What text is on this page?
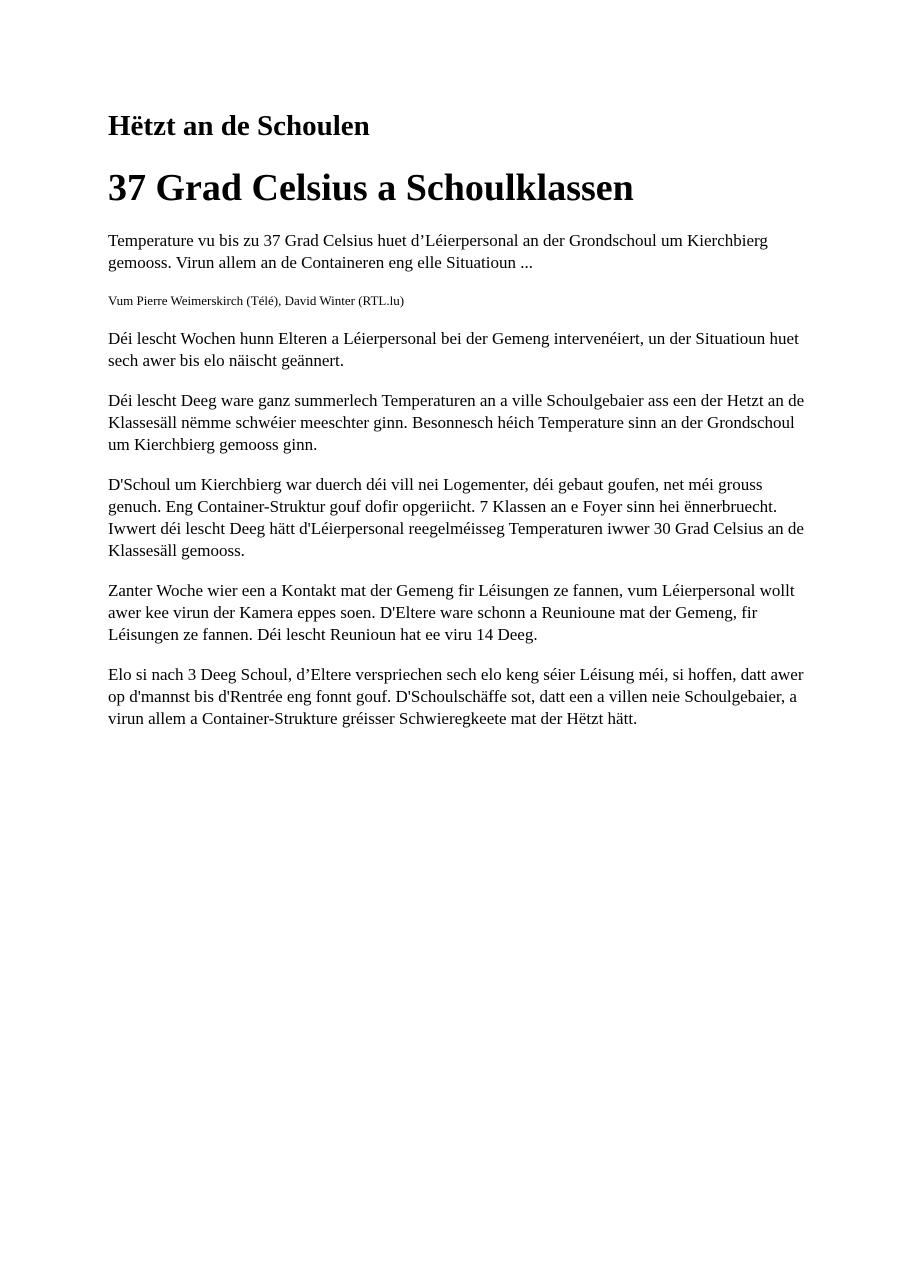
Hëtzt an de Schoulen
37 Grad Celsius a Schoulklassen

Temperature vu bis zu 37 Grad Celsius huet d’Léierpersonal an der Grondschoul um Kierchbierg gemooss. Virun allem an de Containeren eng elle Situatioun ...

Vum Pierre Weimerskirch (Télé), David Winter (RTL.lu)

Déi lescht Wochen hunn Elteren a Léierpersonal bei der Gemeng intervenéiert, un der Situatioun huet sech awer bis elo näischt geännert.

Déi lescht Deeg ware ganz summerlech Temperaturen an a ville Schoulgebaier ass een der Hetzt an de Klassesäll nëmme schwéier meeschter ginn. Besonnesch héich Temperature sinn an der Grondschoul um Kierchbierg gemooss ginn.

D'Schoul um Kierchbierg war duerch déi vill nei Logementer, déi gebaut goufen, net méi grouss genuch. Eng Container-Struktur gouf dofir opgeriicht. 7 Klassen an e Foyer sinn hei ënnerbruecht. Iwwert déi lescht Deeg hätt d'Léierpersonal reegelméisseg Temperaturen iwwer 30 Grad Celsius an de Klassesäll gemooss.

Zanter Woche wier een a Kontakt mat der Gemeng fir Léisungen ze fannen, vum Léierpersonal wollt awer kee virun der Kamera eppes soen. D'Eltere ware schonn a Reunioune mat der Gemeng, fir Léisungen ze fannen. Déi lescht Reunioun hat ee viru 14 Deeg.

Elo si nach 3 Deeg Schoul, d’Eltere verspriechen sech elo keng séier Léisung méi, si hoffen, datt awer op d'mannst bis d'Rentrée eng fonnt gouf. D'Schoulschäffe sot, datt een a villen neie Schoulgebaier, a virun allem a Container-Strukture gréisser Schwieregkeete mat der Hëtzt hätt.
